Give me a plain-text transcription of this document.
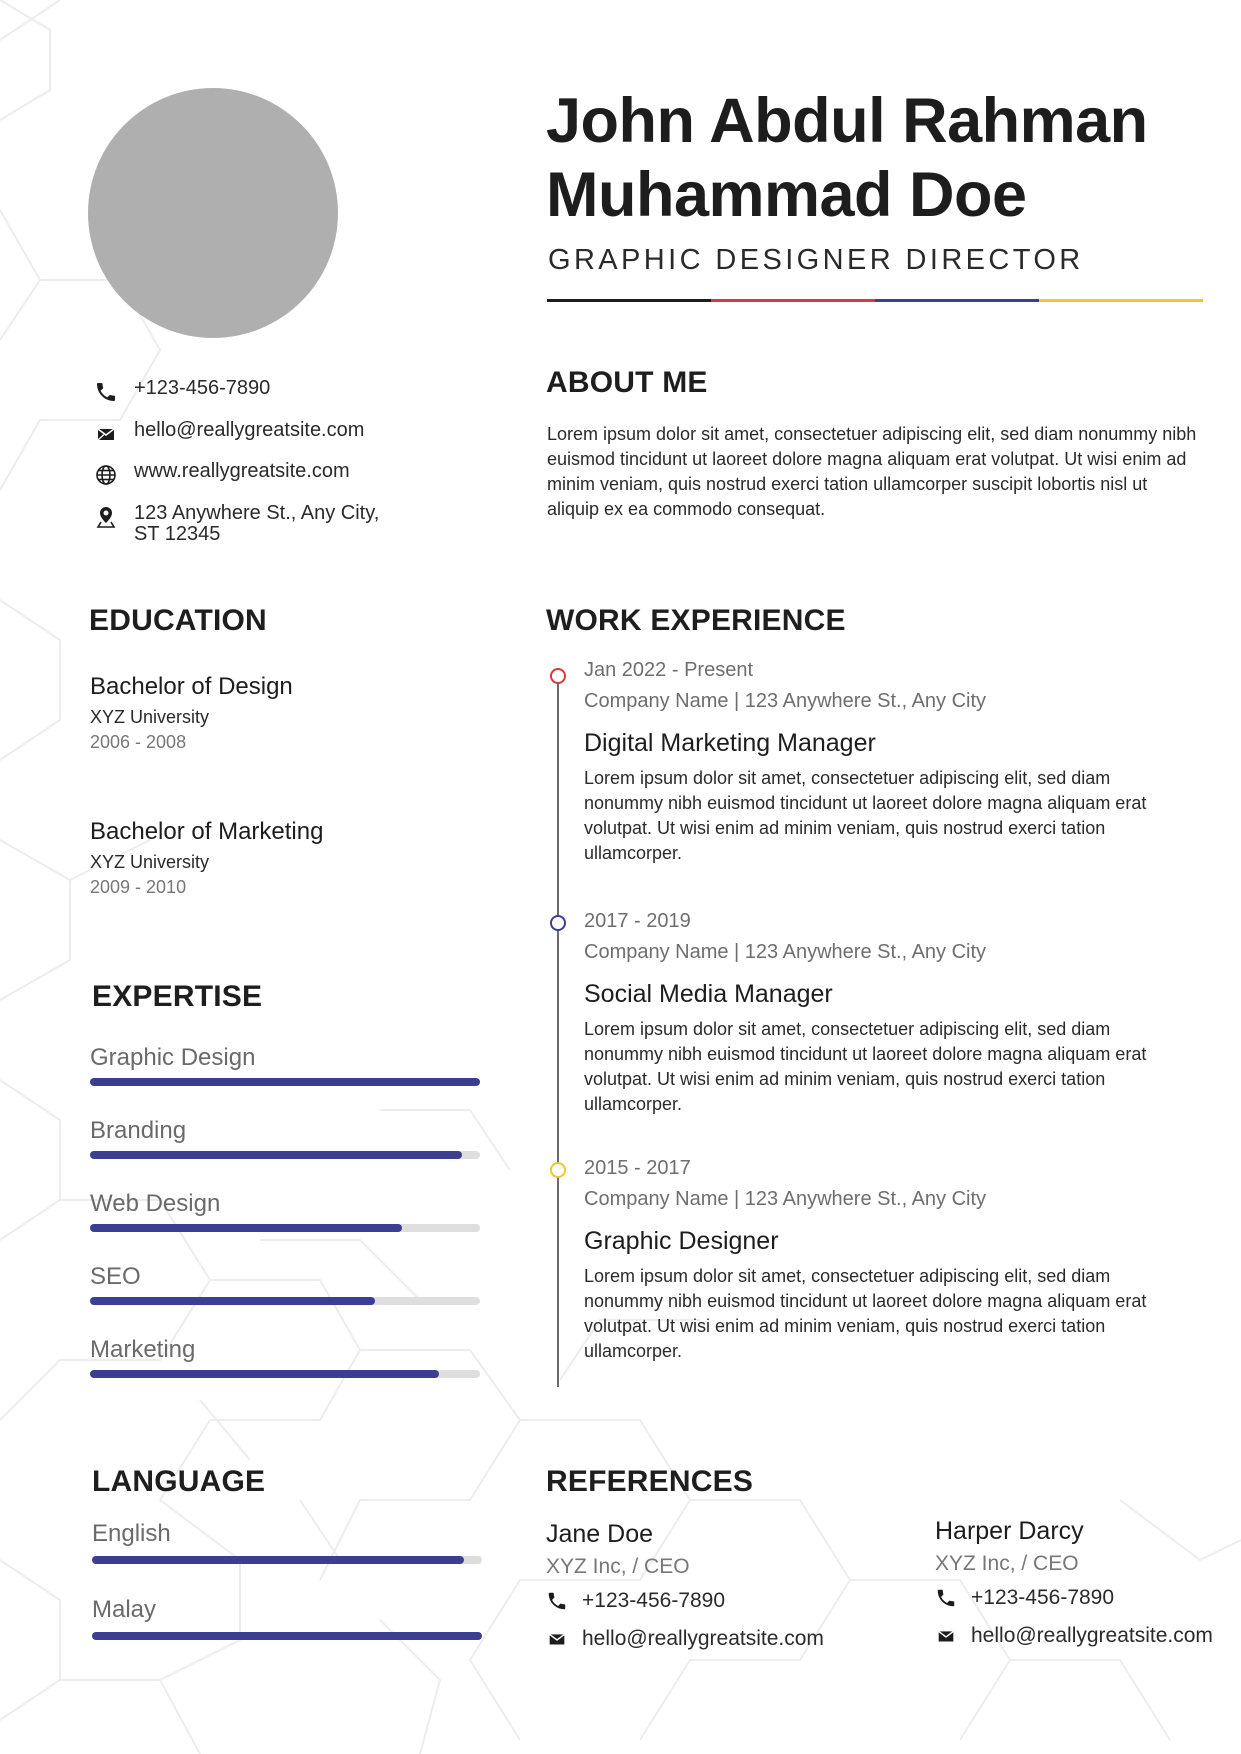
John Abdul Rahman
Muhammad Doe
GRAPHIC DESIGNER DIRECTOR
+123-456-7890
hello@reallygreatsite.com
www.reallygreatsite.com
123 Anywhere St., Any City,
ST 12345
ABOUT ME
Lorem ipsum dolor sit amet, consectetuer adipiscing elit, sed diam nonummy nibh euismod tincidunt ut laoreet dolore magna aliquam erat volutpat. Ut wisi enim ad minim veniam, quis nostrud exerci tation ullamcorper suscipit lobortis nisl ut aliquip ex ea commodo consequat.
EDUCATION
Bachelor of Design
XYZ University
2006 - 2008
Bachelor of Marketing
XYZ University
2009 - 2010
EXPERTISE
Graphic Design
Branding
Web Design
SEO
Marketing
WORK EXPERIENCE
Jan 2022 - Present
Company Name | 123 Anywhere St., Any City
Digital Marketing Manager
Lorem ipsum dolor sit amet, consectetuer adipiscing elit, sed diam nonummy nibh euismod tincidunt ut laoreet dolore magna aliquam erat volutpat. Ut wisi enim ad minim veniam, quis nostrud exerci tation ullamcorper.
2017 - 2019
Company Name | 123 Anywhere St., Any City
Social Media Manager
Lorem ipsum dolor sit amet, consectetuer adipiscing elit, sed diam nonummy nibh euismod tincidunt ut laoreet dolore magna aliquam erat volutpat. Ut wisi enim ad minim veniam, quis nostrud exerci tation ullamcorper.
2015 - 2017
Company Name | 123 Anywhere St., Any City
Graphic Designer
Lorem ipsum dolor sit amet, consectetuer adipiscing elit, sed diam nonummy nibh euismod tincidunt ut laoreet dolore magna aliquam erat volutpat. Ut wisi enim ad minim veniam, quis nostrud exerci tation ullamcorper.
LANGUAGE
English
Malay
REFERENCES
Jane Doe
XYZ Inc, / CEO
+123-456-7890
hello@reallygreatsite.com
Harper Darcy
XYZ Inc, / CEO
+123-456-7890
hello@reallygreatsite.com
